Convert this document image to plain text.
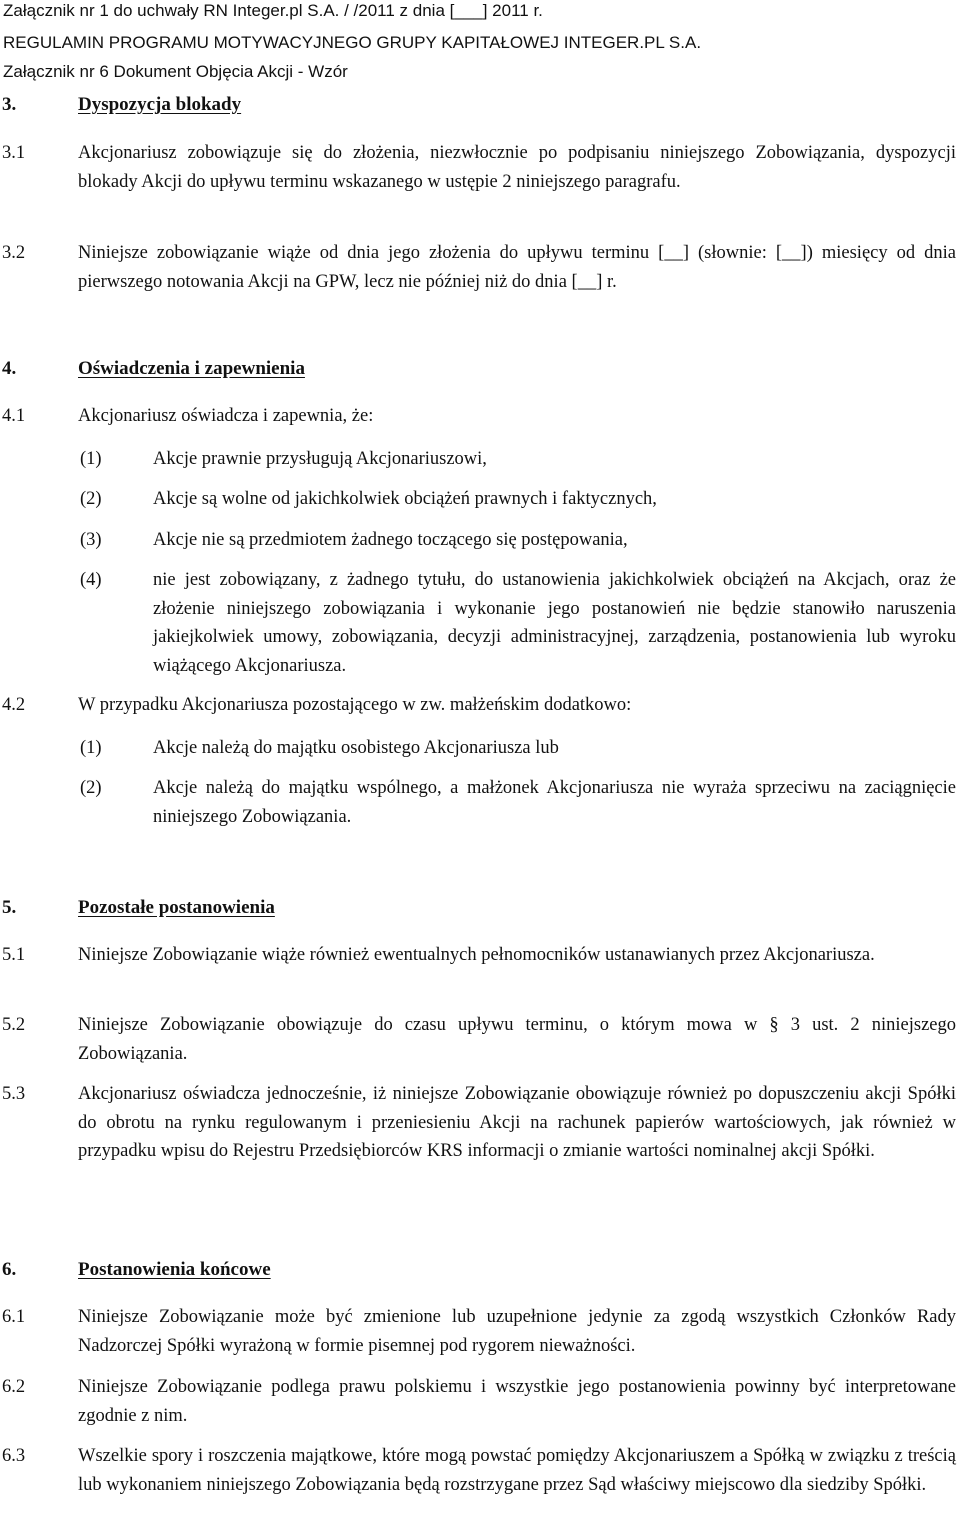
Załącznik nr 1 do uchwały RN Integer.pl S.A. / /2011 z dnia [___] 2011 r.
REGULAMIN PROGRAMU MOTYWACYJNEGO GRUPY KAPITAŁOWEJ INTEGER.PL S.A.
Załącznik nr 6 Dokument Objęcia Akcji - Wzór
3.	Dyspozycja blokady
3.1	Akcjonariusz zobowiązuje się do złożenia, niezwłocznie po podpisaniu niniejszego Zobowiązania, dyspozycji blokady Akcji do upływu terminu wskazanego w ustępie 2 niniejszego paragrafu.
3.2	Niniejsze zobowiązanie wiąże od dnia jego złożenia do upływu terminu [__] (słownie: [__]) miesięcy od dnia pierwszego notowania Akcji na GPW, lecz nie później niż do dnia [__] r.
4.	Oświadczenia i zapewnienia
4.1	Akcjonariusz oświadcza i zapewnia, że:
(1)	Akcje prawnie przysługują Akcjonariuszowi,
(2)	Akcje są wolne od jakichkolwiek obciążeń prawnych i faktycznych,
(3)	Akcje nie są przedmiotem żadnego toczącego się postępowania,
(4)	nie jest zobowiązany, z żadnego tytułu, do ustanowienia jakichkolwiek obciążeń na Akcjach, oraz że złożenie niniejszego zobowiązania i wykonanie jego postanowień nie będzie stanowiło naruszenia jakiejkolwiek umowy, zobowiązania, decyzji administracyjnej, zarządzenia, postanowienia lub wyroku wiążącego Akcjonariusza.
4.2	W przypadku Akcjonariusza pozostającego w zw. małżeńskim dodatkowo:
(1)	Akcje należą do majątku osobistego Akcjonariusza lub
(2)	Akcje należą do majątku wspólnego, a małżonek Akcjonariusza nie wyraża sprzeciwu na zaciągnięcie niniejszego Zobowiązania.
5.	Pozostałe postanowienia
5.1	Niniejsze Zobowiązanie wiąże również ewentualnych pełnomocników ustanawianych przez Akcjonariusza.
5.2	Niniejsze Zobowiązanie obowiązuje do czasu upływu terminu, o którym mowa w § 3 ust. 2 niniejszego Zobowiązania.
5.3	Akcjonariusz oświadcza jednocześnie, iż niniejsze Zobowiązanie obowiązuje również po dopuszczeniu akcji Spółki do obrotu na rynku regulowanym i przeniesieniu Akcji na rachunek papierów wartościowych, jak również w przypadku wpisu do Rejestru Przedsiębiorców KRS informacji o zmianie wartości nominalnej akcji Spółki.
6.	Postanowienia końcowe
6.1	Niniejsze Zobowiązanie może być zmienione lub uzupełnione jedynie za zgodą wszystkich Członków Rady Nadzorczej Spółki wyrażoną w formie pisemnej pod rygorem nieważności.
6.2	Niniejsze Zobowiązanie podlega prawu polskiemu i wszystkie jego postanowienia powinny być interpretowane zgodnie z nim.
6.3	Wszelkie spory i roszczenia majątkowe, które mogą powstać pomiędzy Akcjonariuszem a Spółką w związku z treścią lub wykonaniem niniejszego Zobowiązania będą rozstrzygane przez Sąd właściwy miejscowo dla siedziby Spółki.
